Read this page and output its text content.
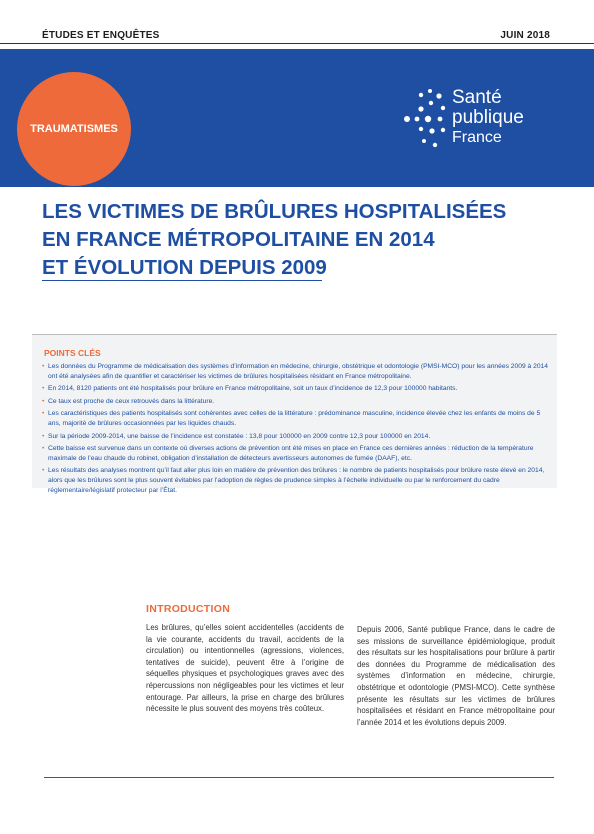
ÉTUDES ET ENQUÊTES	JUIN 2018
TRAUMATISMES
Santé
publique
France
LES VICTIMES DE BRÛLURES HOSPITALISÉES
EN FRANCE MÉTROPOLITAINE EN 2014
ET ÉVOLUTION DEPUIS 2009
POINTS CLÉS
• Les données du Programme de médicalisation des systèmes d’information en médecine, chirurgie, obstétrique et odontologie (PMSI-MCO) pour les années 2009 à 2014 ont été analysées afin de quantifier et caractériser les victimes de brûlures hospitalisées résidant en France métropolitaine.
• En 2014, 8120 patients ont été hospitalisés pour brûlure en France métropolitaine, soit un taux d’incidence de 12,3 pour 100000 habitants.
• Ce taux est proche de ceux retrouvés dans la littérature.
• Les caractéristiques des patients hospitalisés sont cohérentes avec celles de la littérature : prédominance masculine, incidence élevée chez les enfants de moins de 5 ans, majorité de brûlures occasionnées par les liquides chauds.
• Sur la période 2009-2014, une baisse de l’incidence est constatée : 13,8 pour 100000 en 2009 contre 12,3 pour 100000 en 2014.
• Cette baisse est survenue dans un contexte où diverses actions de prévention ont été mises en place en France ces dernières années : réduction de la température maximale de l’eau chaude du robinet, obligation d’installation de détecteurs avertisseurs autonomes de fumée (DAAF), etc.
• Les résultats des analyses montrent qu’il faut aller plus loin en matière de prévention des brûlures : le nombre de patients hospitalisés pour brûlure reste élevé en 2014, alors que les brûlures sont le plus souvent évitables par l’adoption de règles de prudence simples à l’échelle individuelle ou par le renforcement du cadre réglementaire/législatif protecteur par l’État.
INTRODUCTION
Les brûlures, qu’elles soient accidentelles (accidents de la vie courante, accidents du travail, accidents de la circulation) ou intentionnelles (agressions, violences, tentatives de suicide), peuvent être à l’origine de séquelles physiques et psychologiques graves avec des répercussions non négligeables pour les victimes et leur entourage. Par ailleurs, la prise en charge des brûlures nécessite le plus souvent des moyens très coûteux.
Depuis 2006, Santé publique France, dans le cadre de ses missions de surveillance épidémiologique, produit des résultats sur les hospitalisations pour brûlure à partir des données du Programme de médicalisation des systèmes d’information en médecine, chirurgie, obstétrique et odontologie (PMSI-MCO). Cette synthèse présente les résultats sur les victimes de brûlures hospitalisées et résidant en France métropolitaine pour l’année 2014 et les évolutions depuis 2009.
